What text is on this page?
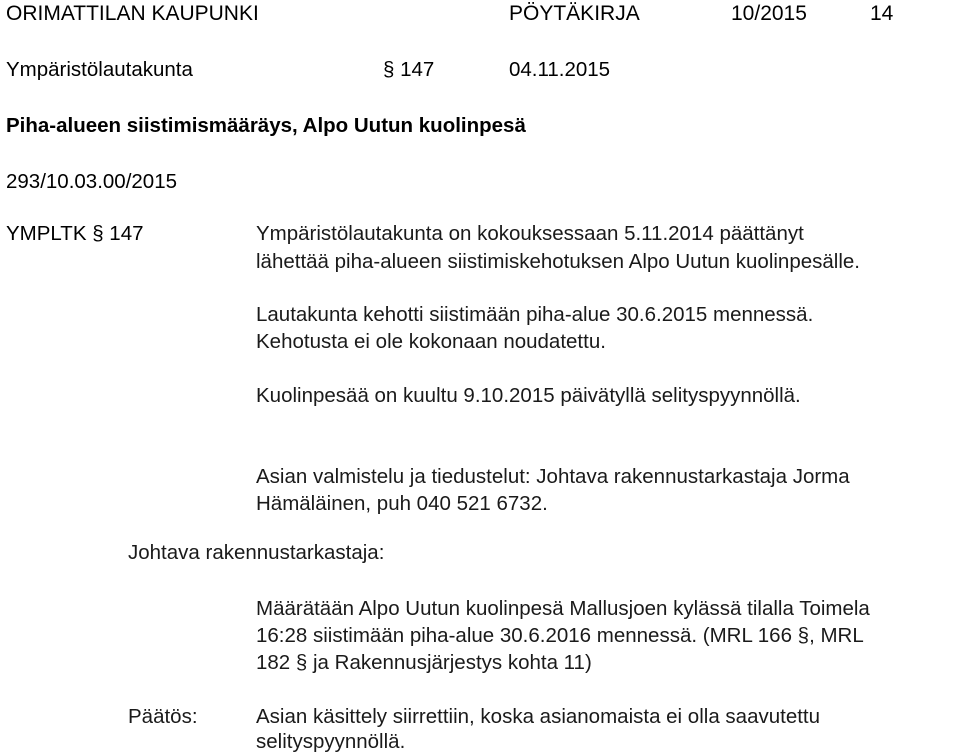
ORIMATTILAN KAUPUNKI	PÖYTÄKIRJA	10/2015	14
Ympäristölautakunta	§ 147	04.11.2015
Piha-alueen siistimismääräys, Alpo Uutun kuolinpesä
293/10.03.00/2015
YMPLTK § 147	Ympäristölautakunta on kokouksessaan 5.11.2014 päättänyt
lähettää piha-alueen siistimiskehotuksen Alpo Uutun kuolinpesälle.
Lautakunta kehotti siistimään piha-alue 30.6.2015 mennessä.
Kehotusta ei ole kokonaan noudatettu.
Kuolinpesää on kuultu 9.10.2015 päivätyllä selityspyynnöllä.
Asian valmistelu ja tiedustelut: Johtava rakennustarkastaja Jorma
Hämäläinen, puh 040 521 6732.
Johtava rakennustarkastaja:
Määrätään Alpo Uutun kuolinpesä Mallusjoen kylässä tilalla Toimela
16:28 siistimään piha-alue 30.6.2016 mennessä. (MRL 166 §, MRL
182 § ja Rakennusjärjestys kohta 11)
Päätös:	Asian käsittely siirrettiin, koska asianomaista ei olla saavutettu
selityspyynnöllä.
